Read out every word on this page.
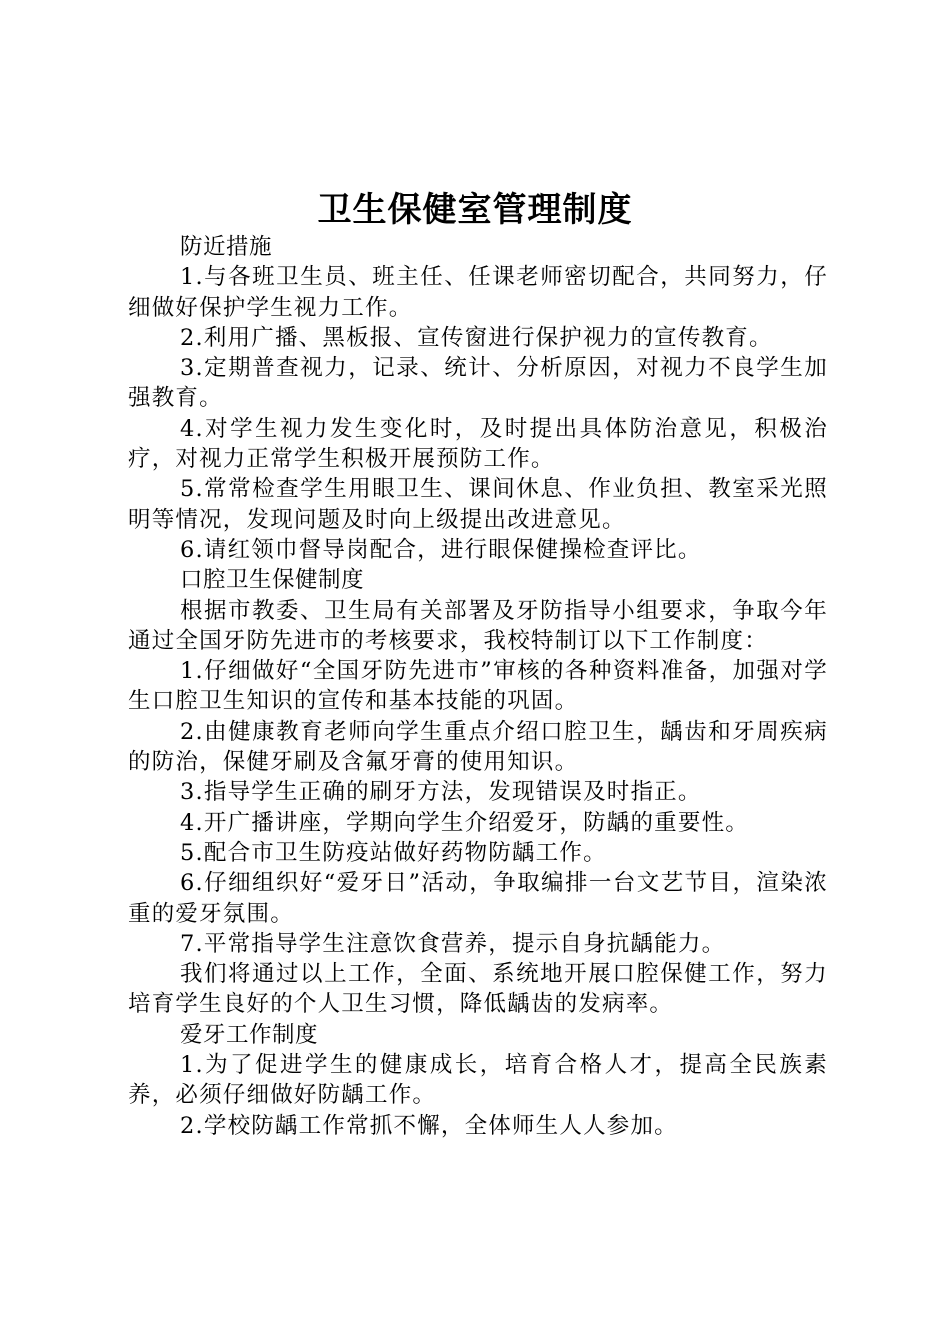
卫生保健室管理制度

防近措施

1.与各班卫生员、班主任、任课老师密切配合，共同努力，仔细做好保护学生视力工作。

2.利用广播、黑板报、宣传窗进行保护视力的宣传教育。

3.定期普查视力，记录、统计、分析原因，对视力不良学生加强教育。

4.对学生视力发生变化时，及时提出具体防治意见，积极治疗，对视力正常学生积极开展预防工作。

5.常常检查学生用眼卫生、课间休息、作业负担、教室采光照明等情况，发现问题及时向上级提出改进意见。

6.请红领巾督导岗配合，进行眼保健操检查评比。

口腔卫生保健制度

根据市教委、卫生局有关部署及牙防指导小组要求，争取今年通过全国牙防先进市的考核要求，我校特制订以下工作制度：

1.仔细做好“全国牙防先进市”审核的各种资料准备，加强对学生口腔卫生知识的宣传和基本技能的巩固。

2.由健康教育老师向学生重点介绍口腔卫生，龋齿和牙周疾病的防治，保健牙刷及含氟牙膏的使用知识。

3.指导学生正确的刷牙方法，发现错误及时指正。

4.开广播讲座，学期向学生介绍爱牙，防龋的重要性。

5.配合市卫生防疫站做好药物防龋工作。

6.仔细组织好“爱牙日”活动，争取编排一台文艺节目，渲染浓重的爱牙氛围。

7.平常指导学生注意饮食营养，提示自身抗龋能力。

我们将通过以上工作，全面、系统地开展口腔保健工作，努力培育学生良好的个人卫生习惯，降低龋齿的发病率。

爱牙工作制度

1.为了促进学生的健康成长，培育合格人才，提高全民族素养，必须仔细做好防龋工作。

2.学校防龋工作常抓不懈，全体师生人人参加。
